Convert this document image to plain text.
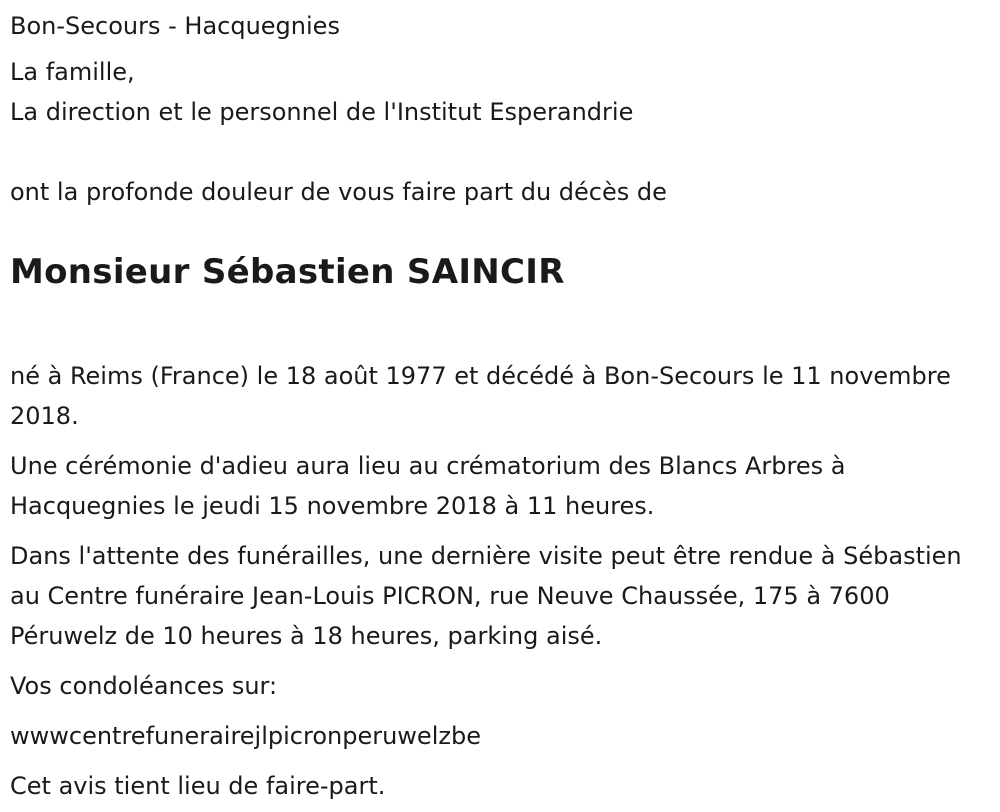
Bon-Secours - Hacquegnies
La famille,
La direction et le personnel de l'Institut Esperandrie
ont la profonde douleur de vous faire part du décès de
Monsieur Sébastien SAINCIR
né à Reims (France) le 18 août 1977 et décédé à Bon-Secours le 11 novembre 2018.
Une cérémonie d'adieu aura lieu au crématorium des Blancs Arbres à Hacquegnies le jeudi 15 novembre 2018 à 11 heures.
Dans l'attente des funérailles, une dernière visite peut être rendue à Sébastien au Centre funéraire Jean-Louis PICRON, rue Neuve Chaussée, 175 à 7600 Péruwelz de 10 heures à 18 heures, parking aisé.
Vos condoléances sur:
wwwcentrefunerairejlpicronperuwelzbe
Cet avis tient lieu de faire-part.
